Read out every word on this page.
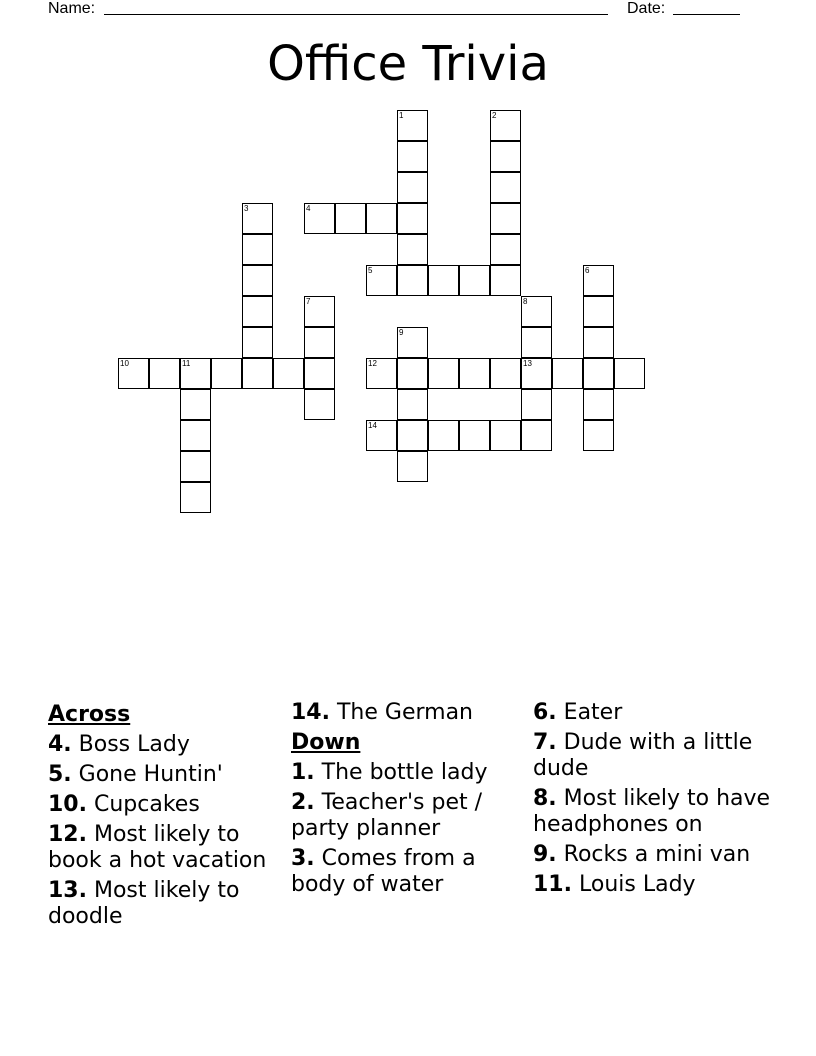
Name:	Date:
Office Trivia
1	2
3	4
5	6
7	8
13
9
10	11	12
14
Across
4. Boss Lady
5. Gone Huntin'
10. Cupcakes
12. Most likely to book a hot vacation
13. Most likely to doodle
14. The German
Down
1. The bottle lady
2. Teacher's pet / party planner
3. Comes from a body of water
6. Eater
7. Dude with a little dude
8. Most likely to have headphones on
9. Rocks a mini van
11. Louis Lady
